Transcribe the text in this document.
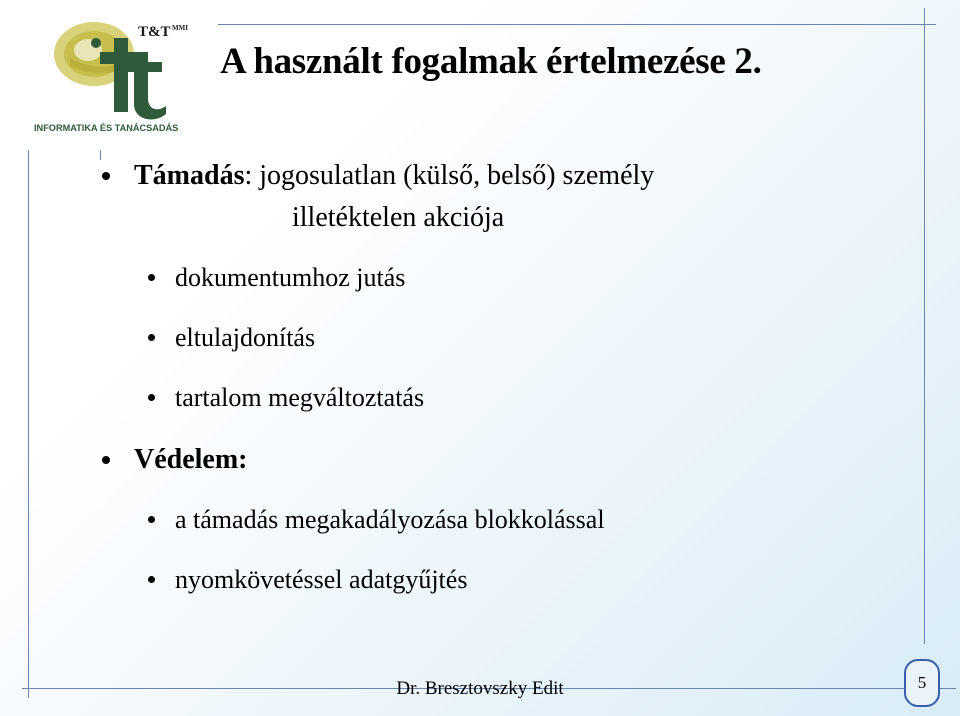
T&T MMI
INFORMATIKA ÉS TANÁCSADÁS
A használt fogalmak értelmezése 2.
Támadás: jogosulatlan (külső, belső) személy
illetéktelen akciója
dokumentumhoz jutás
eltulajdonítás
tartalom megváltoztatás
Védelem:
a támadás megakadályozása blokkolással
nyomkövetéssel adatgyűjtés
Dr. Bresztovszky Edit	5
